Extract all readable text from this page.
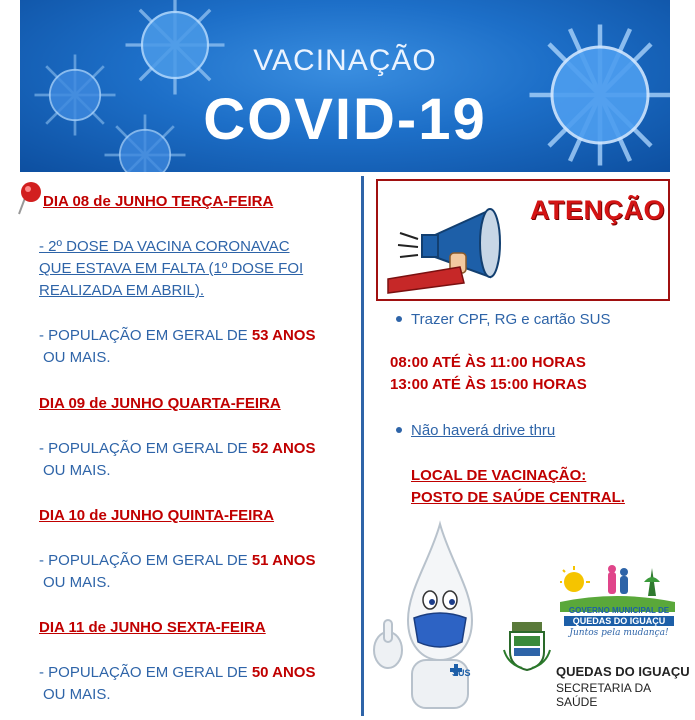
VACINAÇÃO
COVID-19

DIA 08 de JUNHO TERÇA-FEIRA

- 2º DOSE DA VACINA CORONAVAC

QUE ESTAVA EM FALTA (1º DOSE FOI

REALIZADA EM ABRIL).

- POPULAÇÃO EM GERAL DE 53 ANOS

OU MAIS.

DIA 09 de JUNHO QUARTA-FEIRA

- POPULAÇÃO EM GERAL DE 52 ANOS

OU MAIS.

DIA 10 de JUNHO QUINTA-FEIRA

- POPULAÇÃO EM GERAL DE 51 ANOS

OU MAIS.

DIA 11 de JUNHO SEXTA-FEIRA

- POPULAÇÃO EM GERAL DE 50 ANOS

OU MAIS.

ATENÇÃO

Trazer CPF, RG e cartão SUS

08:00 ATÉ ÀS 11:00 HORAS

13:00 ATÉ ÀS 15:00 HORAS

Não haverá drive thru

LOCAL DE VACINAÇÃO:

POSTO DE SAÚDE CENTRAL.

SUS
GOVERNO MUNICIPAL DE
QUEDAS DO IGUAÇU
Juntos pela mudança!
QUEDAS DO IGUAÇU
SECRETARIA DA SAÚDE
